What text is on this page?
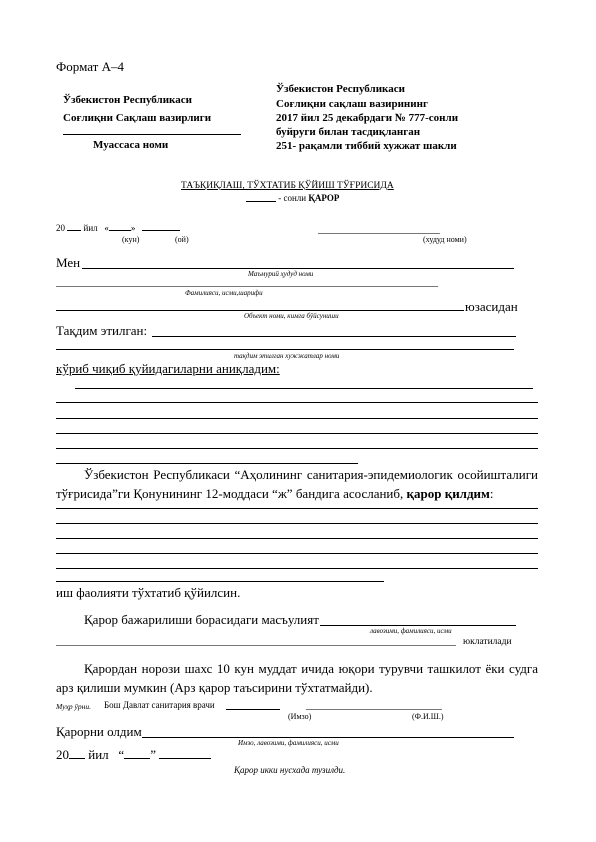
Формат А–4
Ўзбекистон Республикаси
Соғлиқни Сақлаш вазирлиги
Муассаса номи
Ўзбекистон Республикаси
Соғлиқни сақлаш вазирининг
2017 йил 25 декабрдаги № 777-сонли
буйруги билан тасдиқланган
251- рақамли тиббий хужжат шакли
ТАЪҚИҚЛАШ, ТЎХТАТИБ ҚЎЙИШ ТЎҒРИСИДА
- сонли ҚАРОР
20 йил « »
(кун)	(ой)	(худуд номи)
Мен
Маъмурий ҳудуд номи
Фамилияси, исми,шарифи
юзасидан
Объект номи, кимга бўйсуниши
Тақдим этилган:
тақдим этилган хужжатлар номи
кўриб чиқиб қуйидагиларни аниқладим:
Ўзбекистон Республикаси “Аҳолининг санитария-эпидемиологик осойишталиги тўғрисида”ги Қонунининг 12-моддаси “ж” бандига асосланиб, қарор қилдим:
иш фаолияти тўхтатиб қўйилсин.
Қарор бажарилиши борасидаги масъулият
лавозими, фамилияси, исми
юклатилади
Қарордан норози шахс 10 кун муддат ичида юқори турувчи ташкилот ёки судга арз қилиши мумкин (Арз қарор таъсирини тўхтатмайди).
Муҳр ўрни. Бош Давлат санитария врачи
(Имзо)	(Ф.И.Ш.)
Қарорни олдим
Имзо, лавозими, фамилияси, исми
20 йил “ ”
Қарор икки нусхада тузилди.
